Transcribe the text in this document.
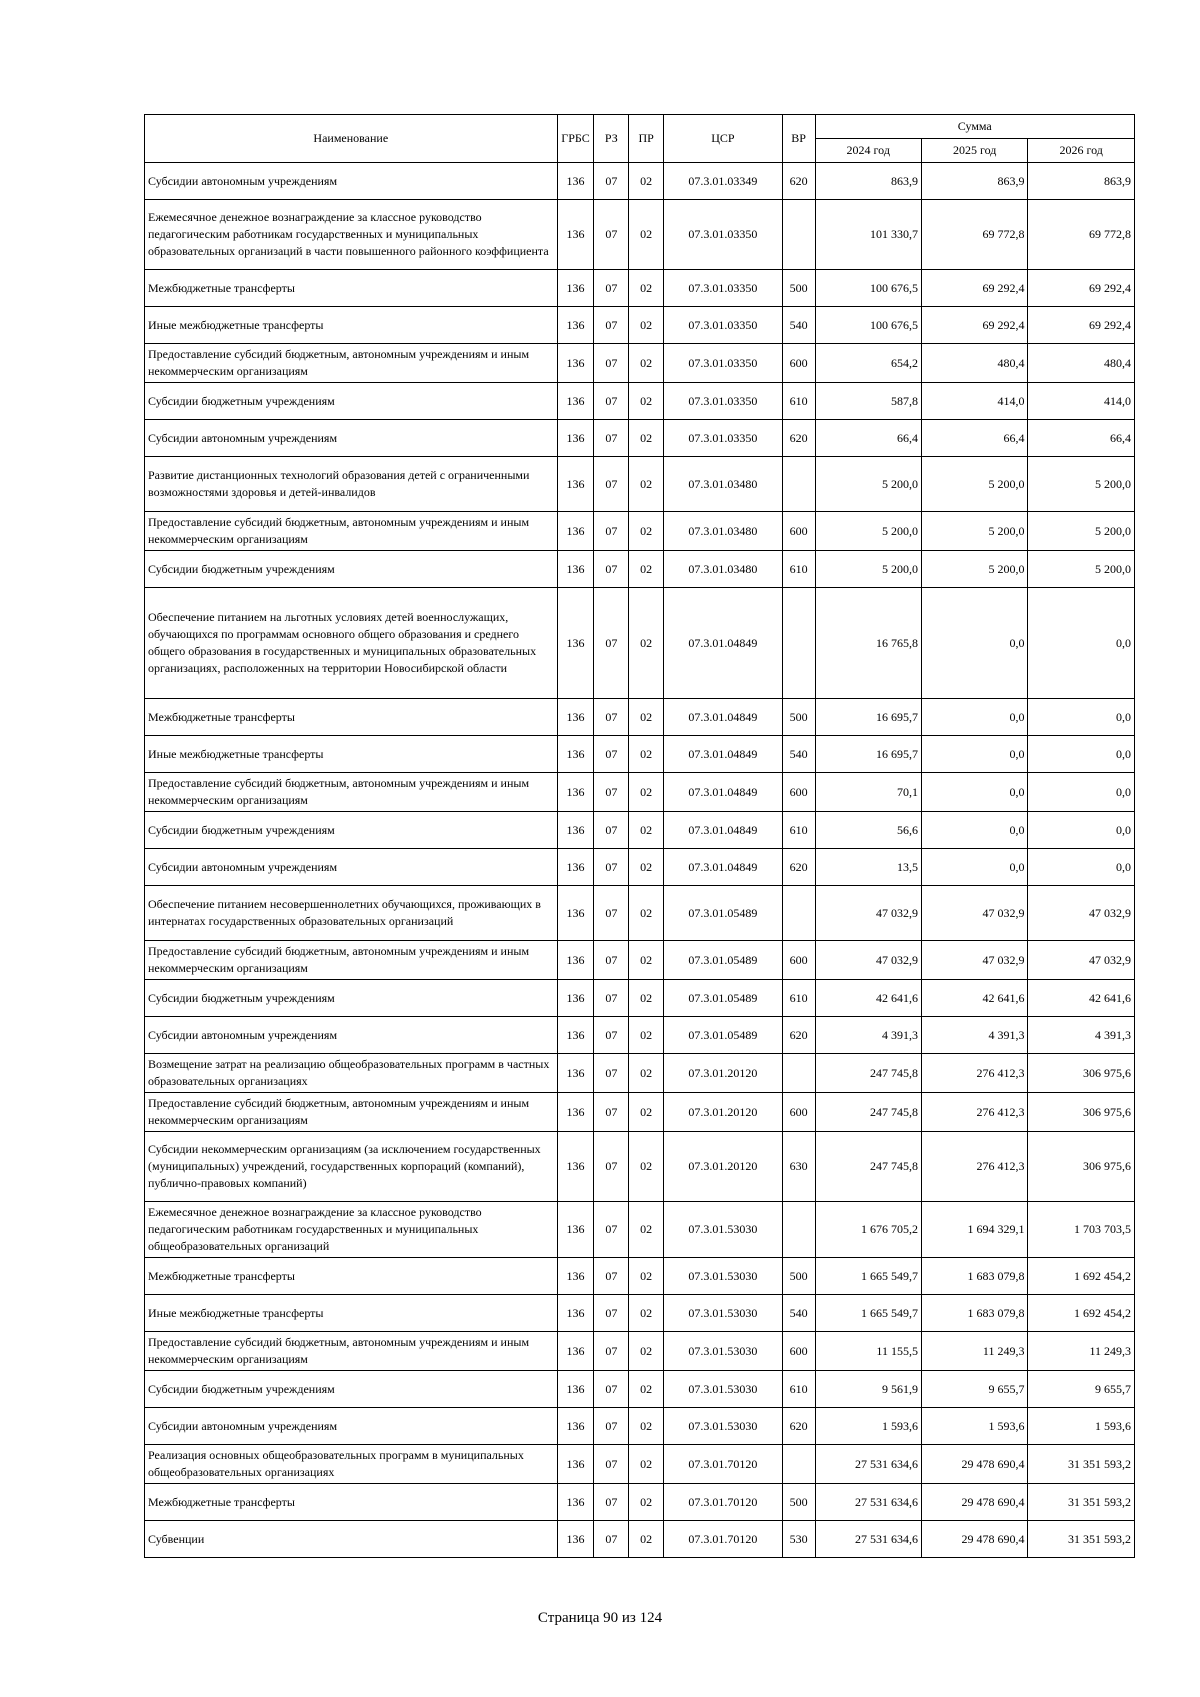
Наименование	ГРБС	РЗ	ПР	ЦСР	ВР	Сумма		
						2024 год	2025 год	2026 год
Субсидии автономным учреждениям	136	07	02	07.3.01.03349	620	863,9	863,9	863,9
Ежемесячное денежное вознаграждение за классное руководство педагогическим работникам государственных и муниципальных образовательных организаций в части повышенного районного коэффициента	136	07	02	07.3.01.03350		101 330,7	69 772,8	69 772,8
Межбюджетные трансферты	136	07	02	07.3.01.03350	500	100 676,5	69 292,4	69 292,4
Иные межбюджетные трансферты	136	07	02	07.3.01.03350	540	100 676,5	69 292,4	69 292,4
Предоставление субсидий бюджетным, автономным учреждениям и иным некоммерческим организациям	136	07	02	07.3.01.03350	600	654,2	480,4	480,4
Субсидии бюджетным учреждениям	136	07	02	07.3.01.03350	610	587,8	414,0	414,0
Субсидии автономным учреждениям	136	07	02	07.3.01.03350	620	66,4	66,4	66,4
Развитие дистанционных технологий образования детей с ограниченными возможностями здоровья и детей-инвалидов	136	07	02	07.3.01.03480		5 200,0	5 200,0	5 200,0
Предоставление субсидий бюджетным, автономным учреждениям и иным некоммерческим организациям	136	07	02	07.3.01.03480	600	5 200,0	5 200,0	5 200,0
Субсидии бюджетным учреждениям	136	07	02	07.3.01.03480	610	5 200,0	5 200,0	5 200,0
Обеспечение питанием на льготных условиях детей военнослужащих, обучающихся по программам основного общего образования и среднего общего образования в государственных и муниципальных образовательных организациях, расположенных на территории Новосибирской области	136	07	02	07.3.01.04849		16 765,8	0,0	0,0
Межбюджетные трансферты	136	07	02	07.3.01.04849	500	16 695,7	0,0	0,0
Иные межбюджетные трансферты	136	07	02	07.3.01.04849	540	16 695,7	0,0	0,0
Предоставление субсидий бюджетным, автономным учреждениям и иным некоммерческим организациям	136	07	02	07.3.01.04849	600	70,1	0,0	0,0
Субсидии бюджетным учреждениям	136	07	02	07.3.01.04849	610	56,6	0,0	0,0
Субсидии автономным учреждениям	136	07	02	07.3.01.04849	620	13,5	0,0	0,0
Обеспечение питанием несовершеннолетних обучающихся, проживающих в интернатах государственных образовательных организаций	136	07	02	07.3.01.05489		47 032,9	47 032,9	47 032,9
Предоставление субсидий бюджетным, автономным учреждениям и иным некоммерческим организациям	136	07	02	07.3.01.05489	600	47 032,9	47 032,9	47 032,9
Субсидии бюджетным учреждениям	136	07	02	07.3.01.05489	610	42 641,6	42 641,6	42 641,6
Субсидии автономным учреждениям	136	07	02	07.3.01.05489	620	4 391,3	4 391,3	4 391,3
Возмещение затрат на реализацию общеобразовательных программ в частных образовательных организациях	136	07	02	07.3.01.20120		247 745,8	276 412,3	306 975,6
Предоставление субсидий бюджетным, автономным учреждениям и иным некоммерческим организациям	136	07	02	07.3.01.20120	600	247 745,8	276 412,3	306 975,6
Субсидии некоммерческим организациям (за исключением государственных (муниципальных) учреждений, государственных корпораций (компаний), публично-правовых компаний)	136	07	02	07.3.01.20120	630	247 745,8	276 412,3	306 975,6
Ежемесячное денежное вознаграждение за классное руководство педагогическим работникам государственных и муниципальных общеобразовательных организаций	136	07	02	07.3.01.53030		1 676 705,2	1 694 329,1	1 703 703,5
Межбюджетные трансферты	136	07	02	07.3.01.53030	500	1 665 549,7	1 683 079,8	1 692 454,2
Иные межбюджетные трансферты	136	07	02	07.3.01.53030	540	1 665 549,7	1 683 079,8	1 692 454,2
Предоставление субсидий бюджетным, автономным учреждениям и иным некоммерческим организациям	136	07	02	07.3.01.53030	600	11 155,5	11 249,3	11 249,3
Субсидии бюджетным учреждениям	136	07	02	07.3.01.53030	610	9 561,9	9 655,7	9 655,7
Субсидии автономным учреждениям	136	07	02	07.3.01.53030	620	1 593,6	1 593,6	1 593,6
Реализация основных общеобразовательных программ в муниципальных общеобразовательных организациях	136	07	02	07.3.01.70120		27 531 634,6	29 478 690,4	31 351 593,2
Межбюджетные трансферты	136	07	02	07.3.01.70120	500	27 531 634,6	29 478 690,4	31 351 593,2
Субвенции	136	07	02	07.3.01.70120	530	27 531 634,6	29 478 690,4	31 351 593,2
Страница 90 из 124
